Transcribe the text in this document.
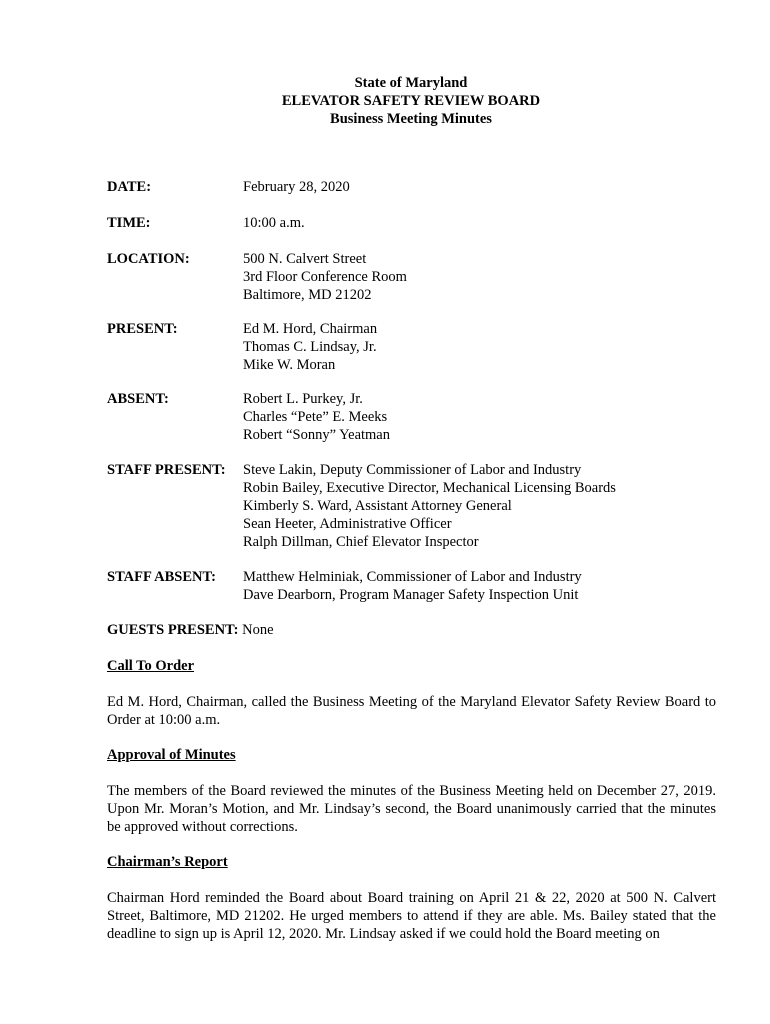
State of Maryland
ELEVATOR SAFETY REVIEW BOARD
Business Meeting Minutes
DATE:	February 28, 2020
TIME:	10:00 a.m.
LOCATION:	500 N. Calvert Street
3rd Floor Conference Room
Baltimore, MD 21202
PRESENT:	Ed M. Hord, Chairman
Thomas C. Lindsay, Jr.
Mike W. Moran
ABSENT:	Robert L. Purkey, Jr.
Charles “Pete” E. Meeks
Robert “Sonny” Yeatman
STAFF PRESENT: Steve Lakin, Deputy Commissioner of Labor and Industry
Robin Bailey, Executive Director, Mechanical Licensing Boards
Kimberly S. Ward, Assistant Attorney General
Sean Heeter, Administrative Officer
Ralph Dillman, Chief Elevator Inspector
STAFF ABSENT: Matthew Helminiak, Commissioner of Labor and Industry
Dave Dearborn, Program Manager Safety Inspection Unit
GUESTS PRESENT: None
Call To Order
Ed M. Hord, Chairman, called the Business Meeting of the Maryland Elevator Safety Review Board to Order at 10:00 a.m.
Approval of Minutes
The members of the Board reviewed the minutes of the Business Meeting held on December 27, 2019. Upon Mr. Moran’s Motion, and Mr. Lindsay’s second, the Board unanimously carried that the minutes be approved without corrections.
Chairman’s Report
Chairman Hord reminded the Board about Board training on April 21 & 22, 2020 at 500 N. Calvert Street, Baltimore, MD 21202. He urged members to attend if they are able. Ms. Bailey stated that the deadline to sign up is April 12, 2020. Mr. Lindsay asked if we could hold the Board meeting on
